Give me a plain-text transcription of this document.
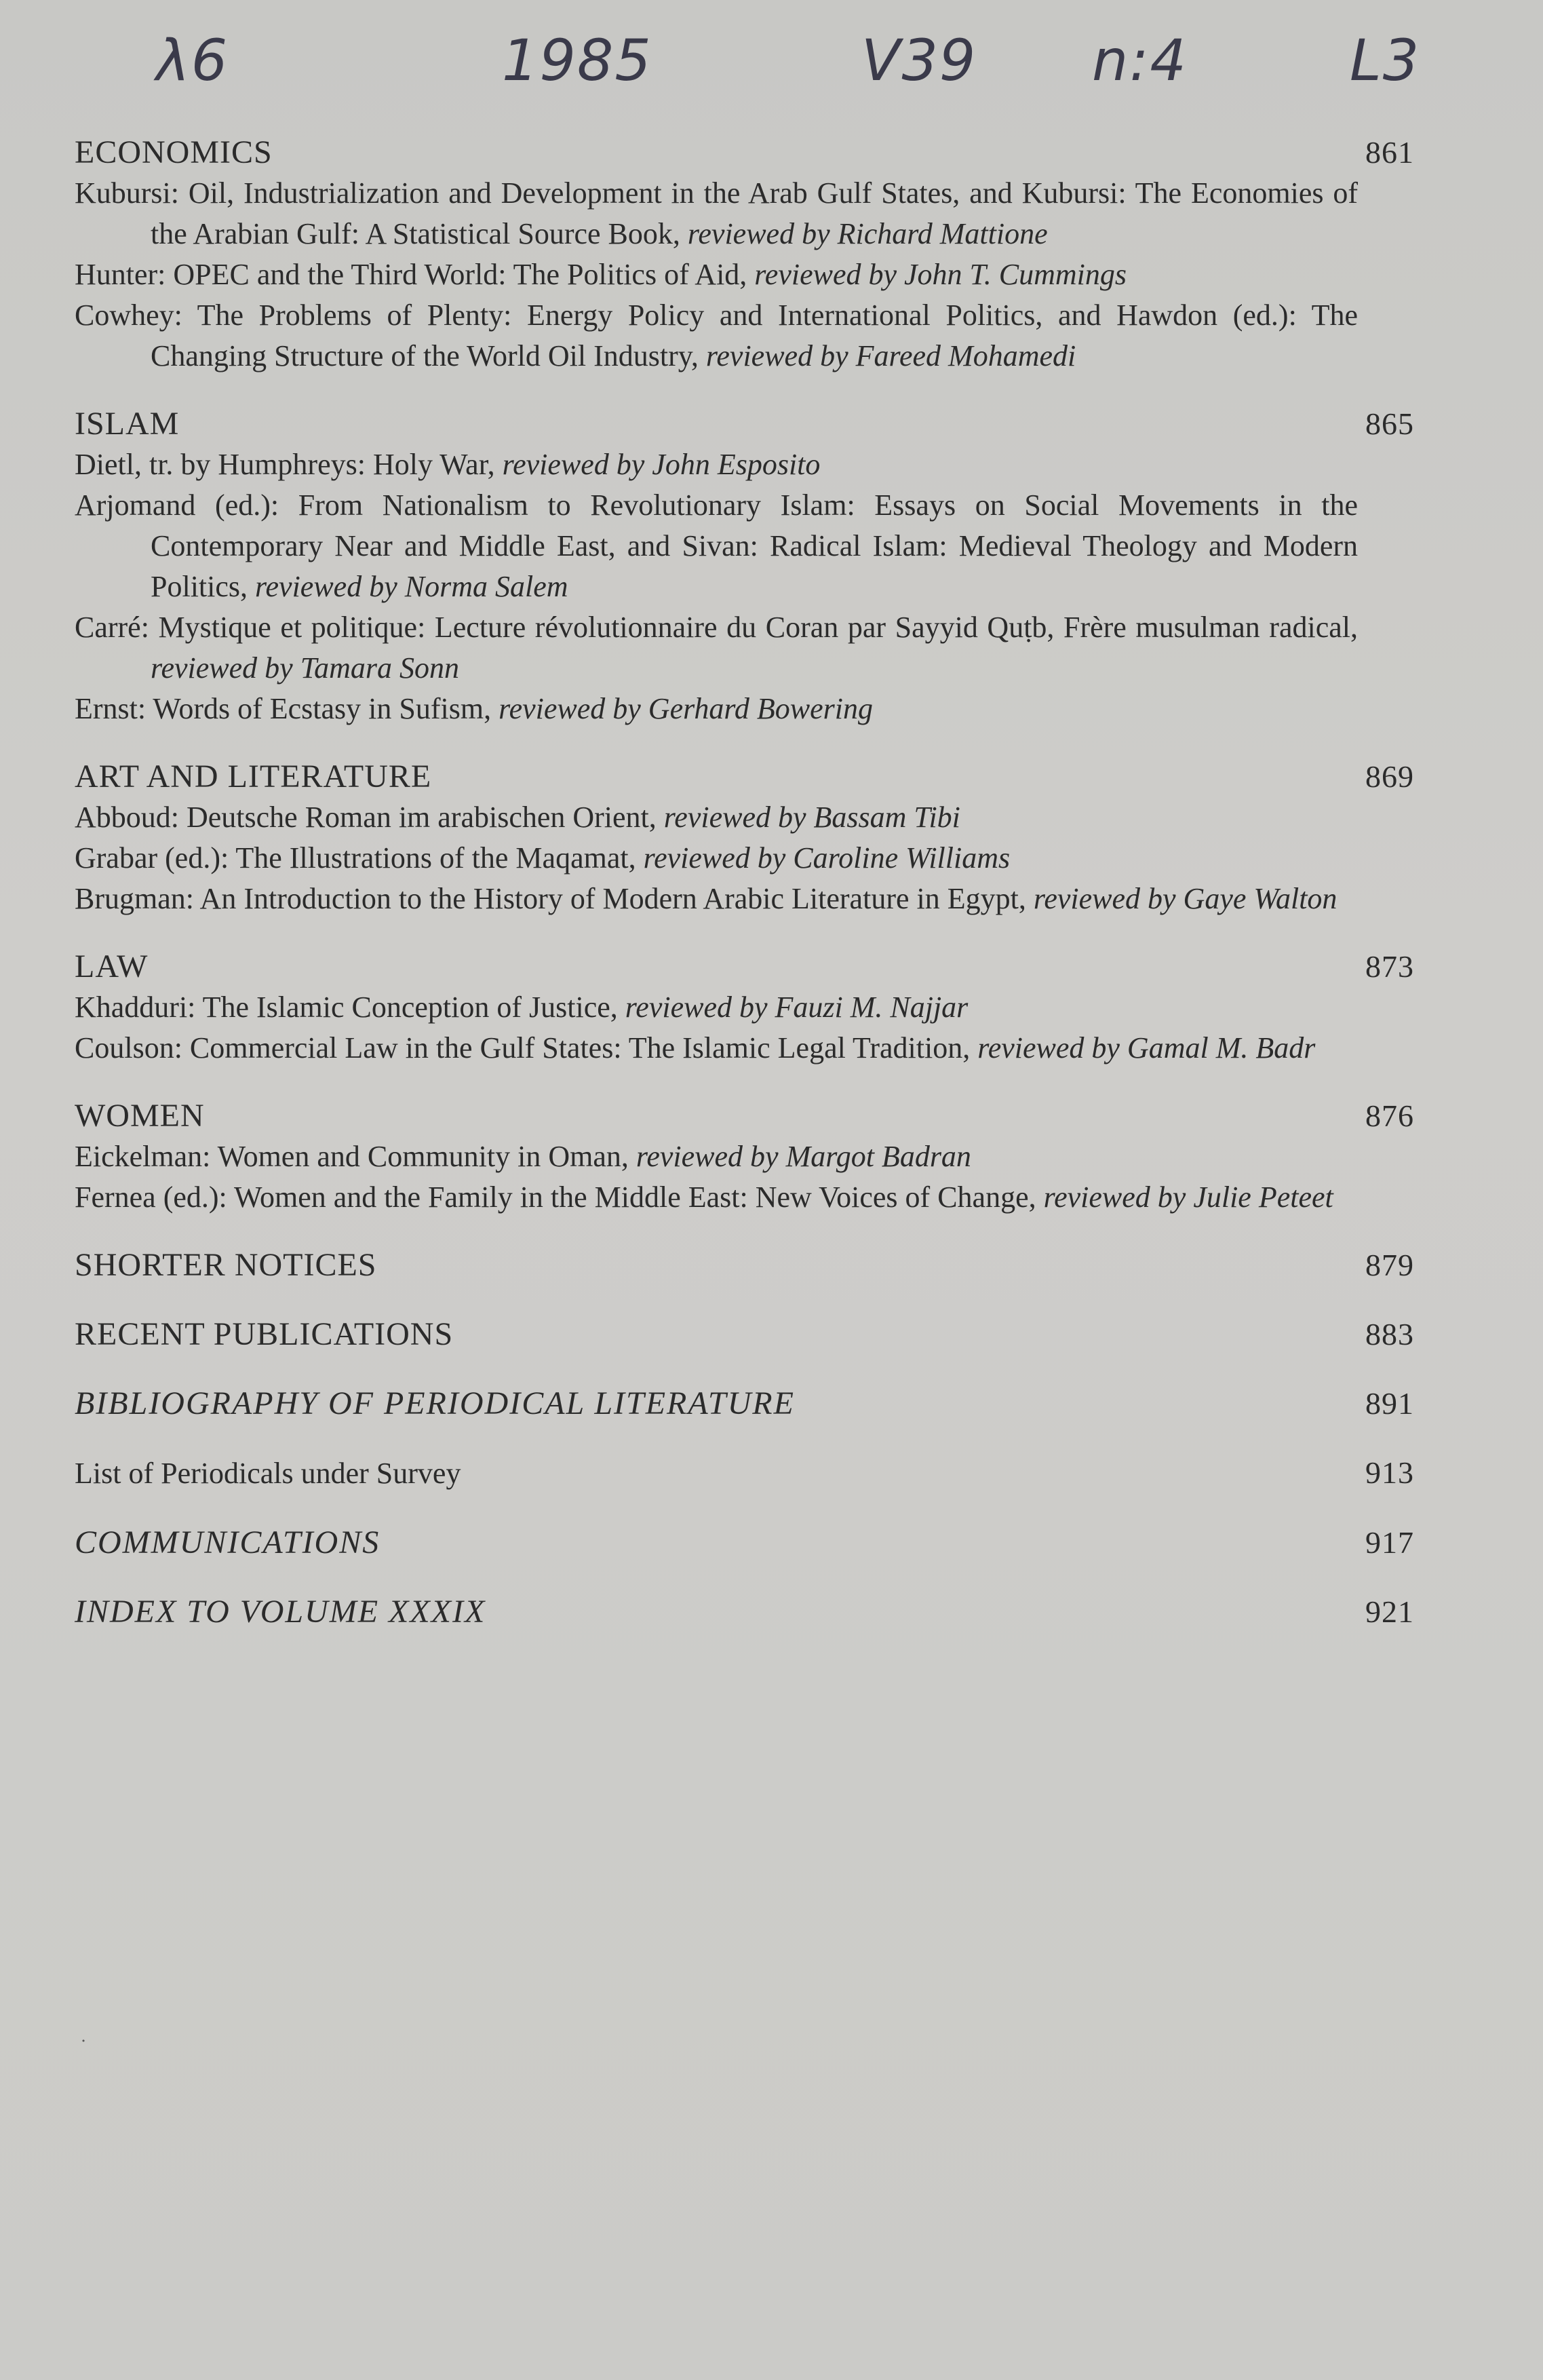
λ6	1985	V39 n:4	L3
ECONOMICS	861
Kubursi: Oil, Industrialization and Development in the Arab Gulf States, and Kubursi: The Economies of the Arabian Gulf: A Statistical Source Book, reviewed by Richard Mattione
Hunter: OPEC and the Third World: The Politics of Aid, reviewed by John T. Cummings
Cowhey: The Problems of Plenty: Energy Policy and International Politics, and Hawdon (ed.): The Changing Structure of the World Oil Industry, reviewed by Fareed Mohamedi
ISLAM	865
Dietl, tr. by Humphreys: Holy War, reviewed by John Esposito
Arjomand (ed.): From Nationalism to Revolutionary Islam: Essays on Social Movements in the Contemporary Near and Middle East, and Sivan: Radical Islam: Medieval Theology and Modern Politics, reviewed by Norma Salem
Carré: Mystique et politique: Lecture révolutionnaire du Coran par Sayyid Quṭb, Frère musulman radical, reviewed by Tamara Sonn
Ernst: Words of Ecstasy in Sufism, reviewed by Gerhard Bowering
ART AND LITERATURE	869
Abboud: Deutsche Roman im arabischen Orient, reviewed by Bassam Tibi
Grabar (ed.): The Illustrations of the Maqamat, reviewed by Caroline Williams
Brugman: An Introduction to the History of Modern Arabic Literature in Egypt, reviewed by Gaye Walton
LAW	873
Khadduri: The Islamic Conception of Justice, reviewed by Fauzi M. Najjar
Coulson: Commercial Law in the Gulf States: The Islamic Legal Tradition, reviewed by Gamal M. Badr
WOMEN	876
Eickelman: Women and Community in Oman, reviewed by Margot Badran
Fernea (ed.): Women and the Family in the Middle East: New Voices of Change, reviewed by Julie Peteet
SHORTER NOTICES	879
RECENT PUBLICATIONS	883
BIBLIOGRAPHY OF PERIODICAL LITERATURE	891
List of Periodicals under Survey	913
COMMUNICATIONS	917
INDEX TO VOLUME XXXIX	921
˙
